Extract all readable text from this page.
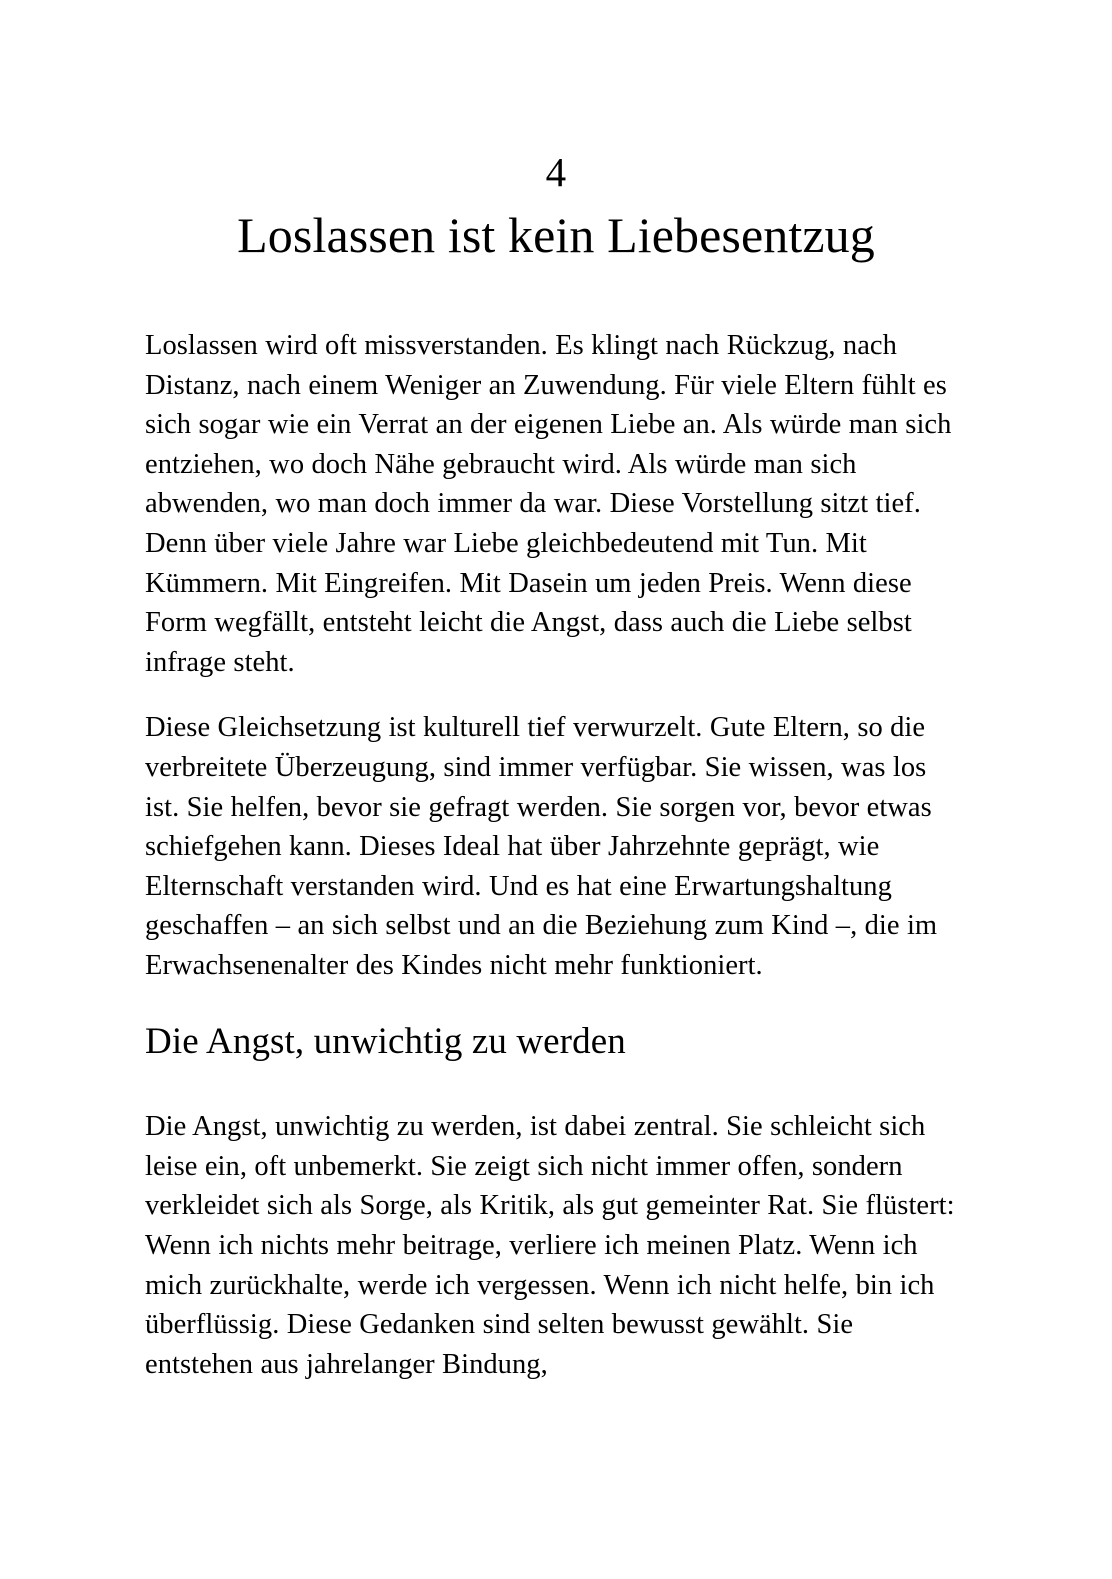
4
Loslassen ist kein Liebesentzug

Loslassen wird oft missverstanden. Es klingt nach Rückzug, nach Distanz, nach einem Weniger an Zuwendung. Für viele Eltern fühlt es sich sogar wie ein Verrat an der eigenen Liebe an. Als würde man sich entziehen, wo doch Nähe gebraucht wird. Als würde man sich abwenden, wo man doch immer da war. Diese Vorstellung sitzt tief. Denn über viele Jahre war Liebe gleichbedeutend mit Tun. Mit Kümmern. Mit Eingreifen. Mit Dasein um jeden Preis. Wenn diese Form wegfällt, entsteht leicht die Angst, dass auch die Liebe selbst infrage steht.

Diese Gleichsetzung ist kulturell tief verwurzelt. Gute Eltern, so die verbreitete Überzeugung, sind immer verfügbar. Sie wissen, was los ist. Sie helfen, bevor sie gefragt werden. Sie sorgen vor, bevor etwas schiefgehen kann. Dieses Ideal hat über Jahrzehnte geprägt, wie Elternschaft verstanden wird. Und es hat eine Erwartungshaltung geschaffen – an sich selbst und an die Beziehung zum Kind –, die im Erwachsenenalter des Kindes nicht mehr funktioniert.

Die Angst, unwichtig zu werden

Die Angst, unwichtig zu werden, ist dabei zentral. Sie schleicht sich leise ein, oft unbemerkt. Sie zeigt sich nicht immer offen, sondern verkleidet sich als Sorge, als Kritik, als gut gemeinter Rat. Sie flüstert: Wenn ich nichts mehr beitrage, verliere ich meinen Platz. Wenn ich mich zurückhalte, werde ich vergessen. Wenn ich nicht helfe, bin ich überflüssig. Diese Gedanken sind selten bewusst gewählt. Sie entstehen aus jahrelanger Bindung,
